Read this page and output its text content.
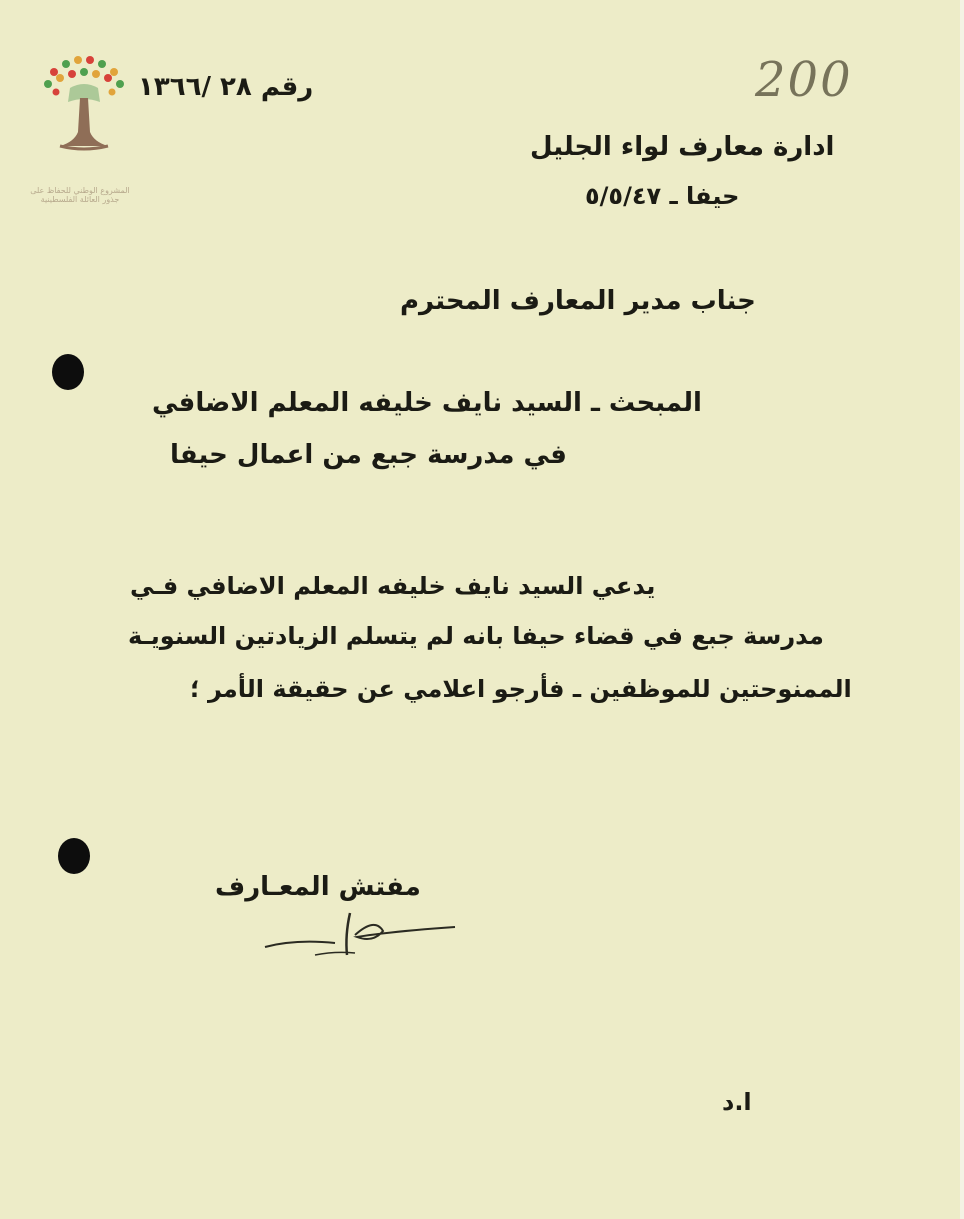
المشروع الوطني للحفاظ على جذور العائلة الفلسطينية
200
رقم ٢٨ /١٣٦٦
ادارة معارف لواء الجليل
حيفا ـ ٥/٥/٤٧
جناب مدير المعارف المحترم
المبحث ـ السيد نايف خليفه المعلم الاضافي
في مدرسة جبع من اعمال حيفا
يدعي السيد نايف خليفه المعلم الاضافي فـي
مدرسة جبع في قضاء حيفا بانه لم يتسلم الزيادتين السنويـة
الممنوحتين للموظفين ـ فأرجو اعلامي عن حقيقة الأمر ؛
مفتش المعـارف
ا.د
